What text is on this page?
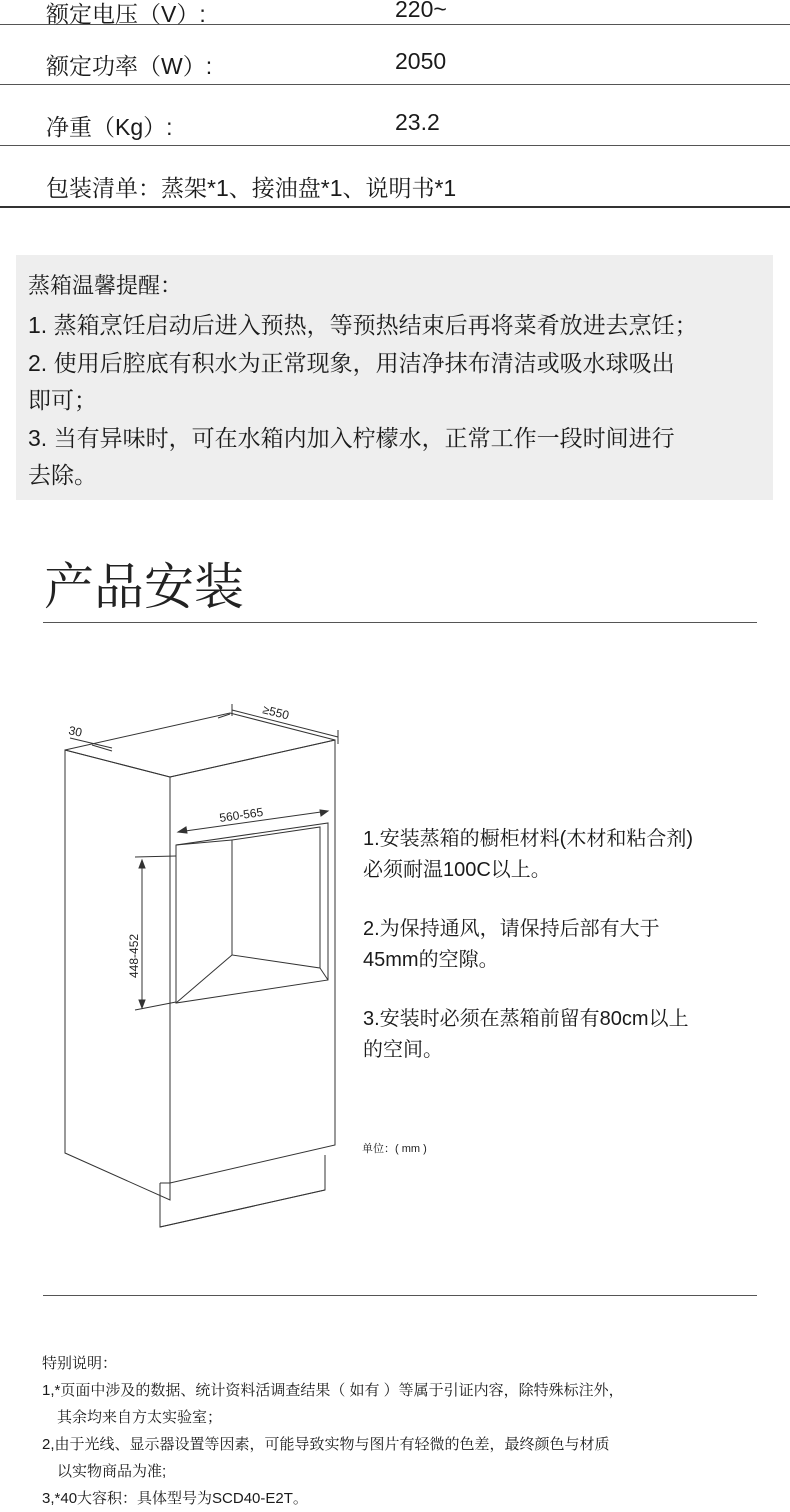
额定电压（V）:	220~
额定功率（W）:	2050
净重（Kg）:	23.2
包装清单：蒸架*1、接油盘*1、说明书*1
蒸箱温馨提醒：
1. 蒸箱烹饪启动后进入预热，等预热结束后再将菜肴放进去烹饪；
2. 使用后腔底有积水为正常现象，用洁净抹布清洁或吸水球吸出
即可；
3. 当有异味时，可在水箱内加入柠檬水，正常工作一段时间进行
去除。
产品安装
30
≥550
560-565
448-452
1.安装蒸箱的橱柜材料(木材和粘合剂)
必须耐温100C以上。
2.为保持通风，请保持后部有大于
45mm的空隙。
3.安装时必须在蒸箱前留有80cm以上
的空间。
单位：( mm )
特别说明：
1,*页面中涉及的数据、统计资料活调查结果（ 如有 ）等属于引证内容，除特殊标注外，
其余均来自方太实验室；
2,由于光线、显示器设置等因素，可能导致实物与图片有轻微的色差，最终颜色与材质
以实物商品为准;
3,*40大容积：具体型号为SCD40-E2T。
